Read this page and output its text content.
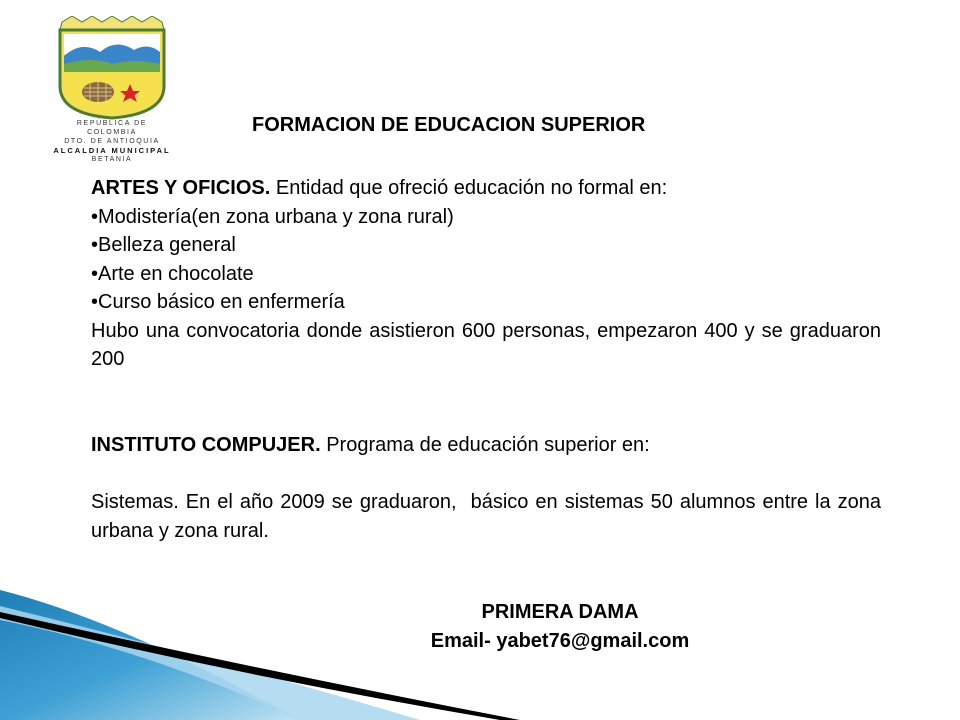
REPÚBLICA DE
COLOMBIA
DTO. DE ANTIOQUIA
ALCALDIA MUNICIPAL
BETANIA
FORMACION DE EDUCACION SUPERIOR

ARTES Y OFICIOS. Entidad que ofreció educación no formal en:

•Modistería(en zona urbana y zona rural)

•Belleza general

•Arte en chocolate

•Curso básico en enfermería

Hubo una convocatoria donde asistieron 600 personas, empezaron 400 y se graduaron 200

INSTITUTO COMPUJER. Programa de educación superior en:

Sistemas. En el año 2009 se graduaron,  básico en sistemas 50 alumnos entre la zona urbana y zona rural.

PRIMERA DAMA
Email- yabet76@gmail.com
